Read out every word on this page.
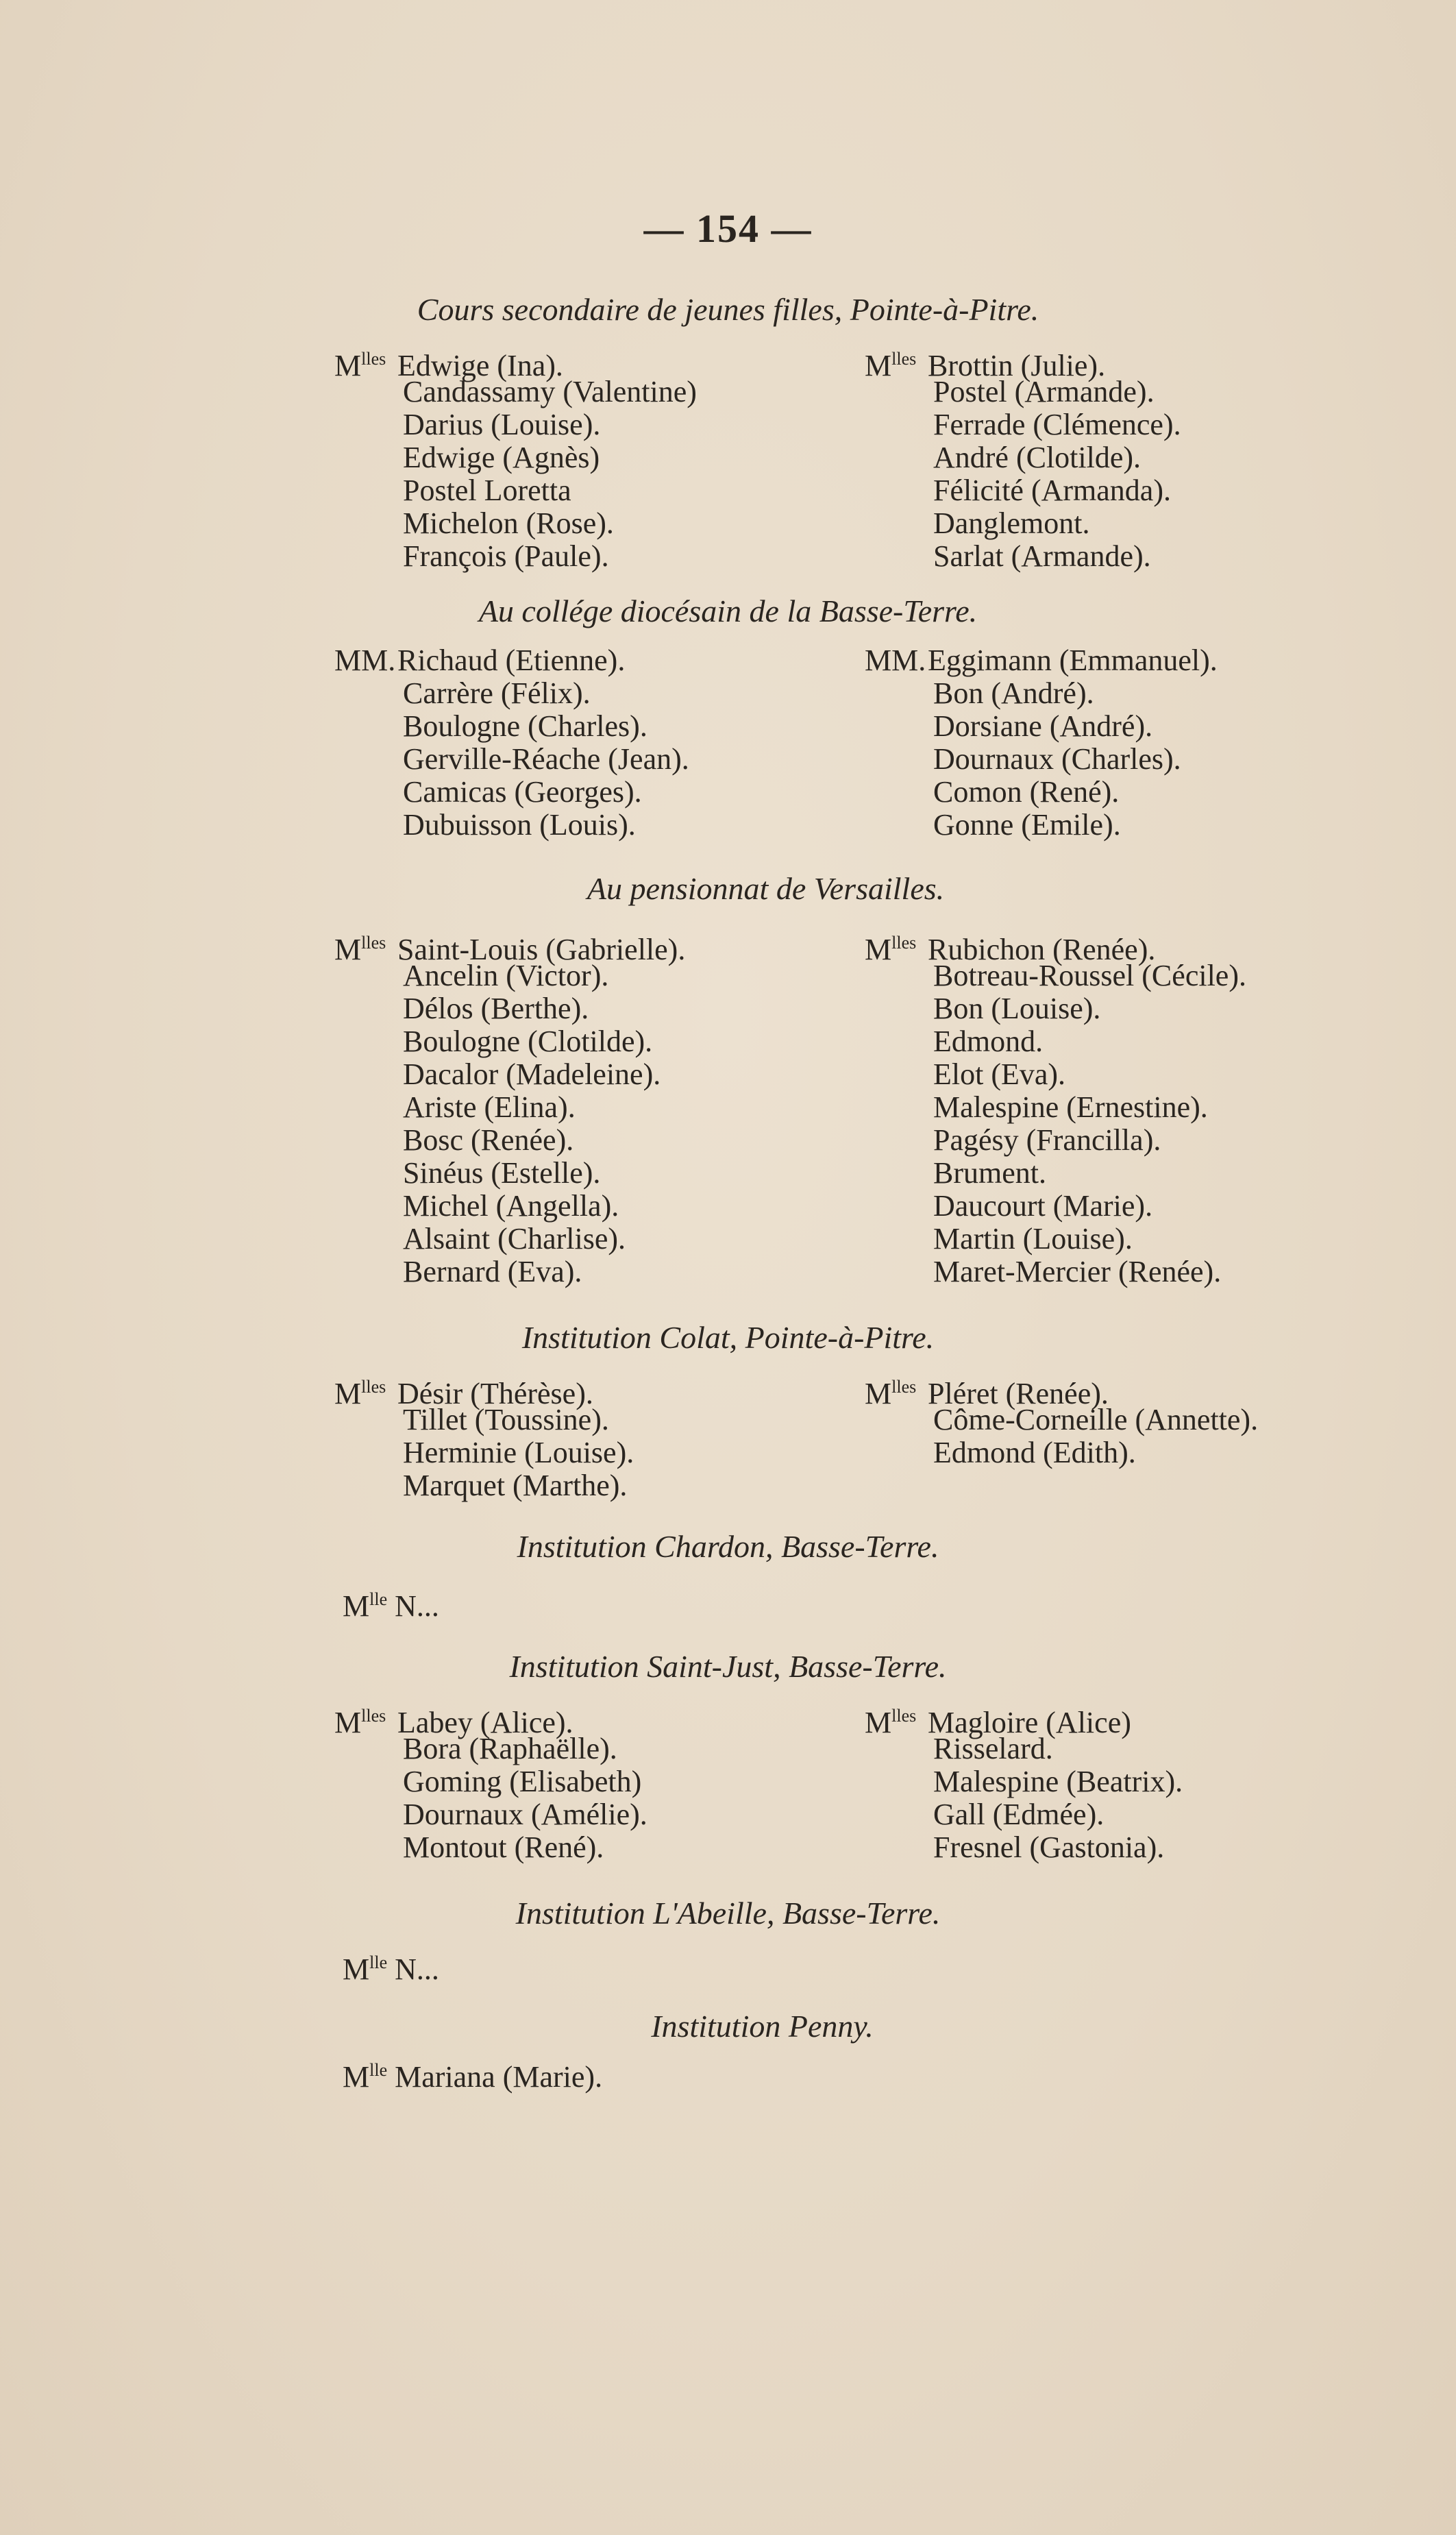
— 154 —
Cours secondaire de jeunes filles, Pointe-à-Pitre.
$M^{lles}$ Edwige (Ina).
Candassamy (Valentine)
Darius (Louise).
Edwige (Agnès)
Postel Loretta
Michelon (Rose).
François (Paule).
$M^{lles}$ Brottin (Julie).
Postel (Armande).
Ferrade (Clémence).
André (Clotilde).
Félicité (Armanda).
Danglemont.
Sarlat (Armande).
Au collége diocésain de la Basse-Terre.
MM.Richaud (Etienne).
Carrère (Félix).
Boulogne (Charles).
Gerville-Réache (Jean).
Camicas (Georges).
Dubuisson (Louis).
MM.Eggimann (Emmanuel).
Bon (André).
Dorsiane (André).
Dournaux (Charles).
Comon (René).
Gonne (Emile).
Au pensionnat de Versailles.
$M^{lles}$ Saint-Louis (Gabrielle).
Ancelin (Victor).
Délos (Berthe).
Boulogne (Clotilde).
Dacalor (Madeleine).
Ariste (Elina).
Bosc (Renée).
Sinéus (Estelle).
Michel (Angella).
Alsaint (Charlise).
Bernard (Eva).
$M^{lles}$ Rubichon (Renée).
Botreau-Roussel (Cécile).
Bon (Louise).
Edmond.
Elot (Eva).
Malespine (Ernestine).
Pagésy (Francilla).
Brument.
Daucourt (Marie).
Martin (Louise).
Maret-Mercier (Renée).
Institution Colat, Pointe-à-Pitre.
$M^{lles}$ Désir (Thérèse).
Tillet (Toussine).
Herminie (Louise).
Marquet (Marthe).
$M^{lles}$ Pléret (Renée).
Côme-Corneille (Annette).
Edmond (Edith).
Institution Chardon, Basse-Terre.
$M^{lle}$ N...
Institution Saint-Just, Basse-Terre.
$M^{lles}$ Labey (Alice).
Bora (Raphaëlle).
Goming (Elisabeth)
Dournaux (Amélie).
Montout (René).
$M^{lles}$ Magloire (Alice)
Risselard.
Malespine (Beatrix).
Gall (Edmée).
Fresnel (Gastonia).
Institution L'Abeille, Basse-Terre.
$M^{lle}$ N...
Institution Penny.
$M^{lle}$ Mariana (Marie).
